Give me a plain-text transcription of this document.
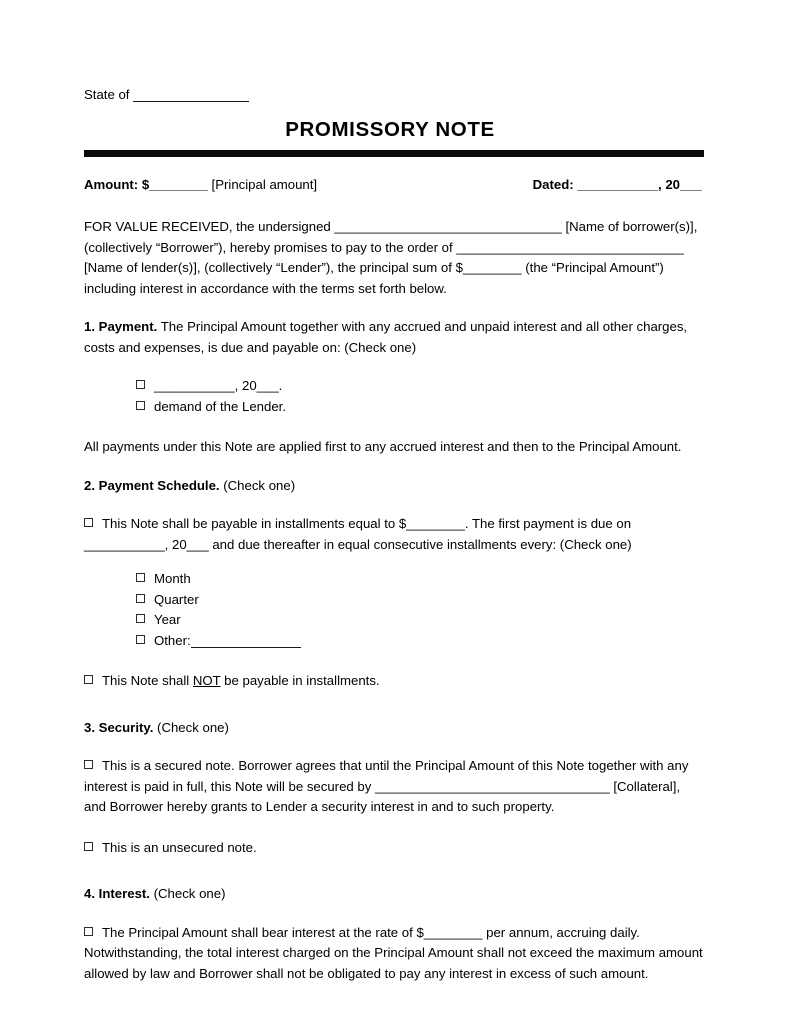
State of
PROMISSORY NOTE
Amount: $________ [Principal amount]	Dated: ___________, 20___

FOR VALUE RECEIVED, the undersigned _______________________________ [Name of borrower(s)], (collectively “Borrower”), hereby promises to pay to the order of _______________________________ [Name of lender(s)], (collectively “Lender”), the principal sum of $________ (the “Principal Amount”) including interest in accordance with the terms set forth below.

1. Payment. The Principal Amount together with any accrued and unpaid interest and all other charges, costs and expenses, is due and payable on: (Check one)
___________, 20___.
demand of the Lender.

All payments under this Note are applied first to any accrued interest and then to the Principal Amount.

2. Payment Schedule. (Check one)

This Note shall be payable in installments equal to $________. The first payment is due on ___________, 20___ and due thereafter in equal consecutive installments every: (Check one)

Month
Quarter
Year
Other:

This Note shall NOT be payable in installments.

3. Security. (Check one)

This is a secured note. Borrower agrees that until the Principal Amount of this Note together with any interest is paid in full, this Note will be secured by ________________________________ [Collateral], and Borrower hereby grants to Lender a security interest in and to such property.

This is an unsecured note.

4. Interest. (Check one)

The Principal Amount shall bear interest at the rate of $________ per annum, accruing daily. Notwithstanding, the total interest charged on the Principal Amount shall not exceed the maximum amount allowed by law and Borrower shall not be obligated to pay any interest in excess of such amount.
